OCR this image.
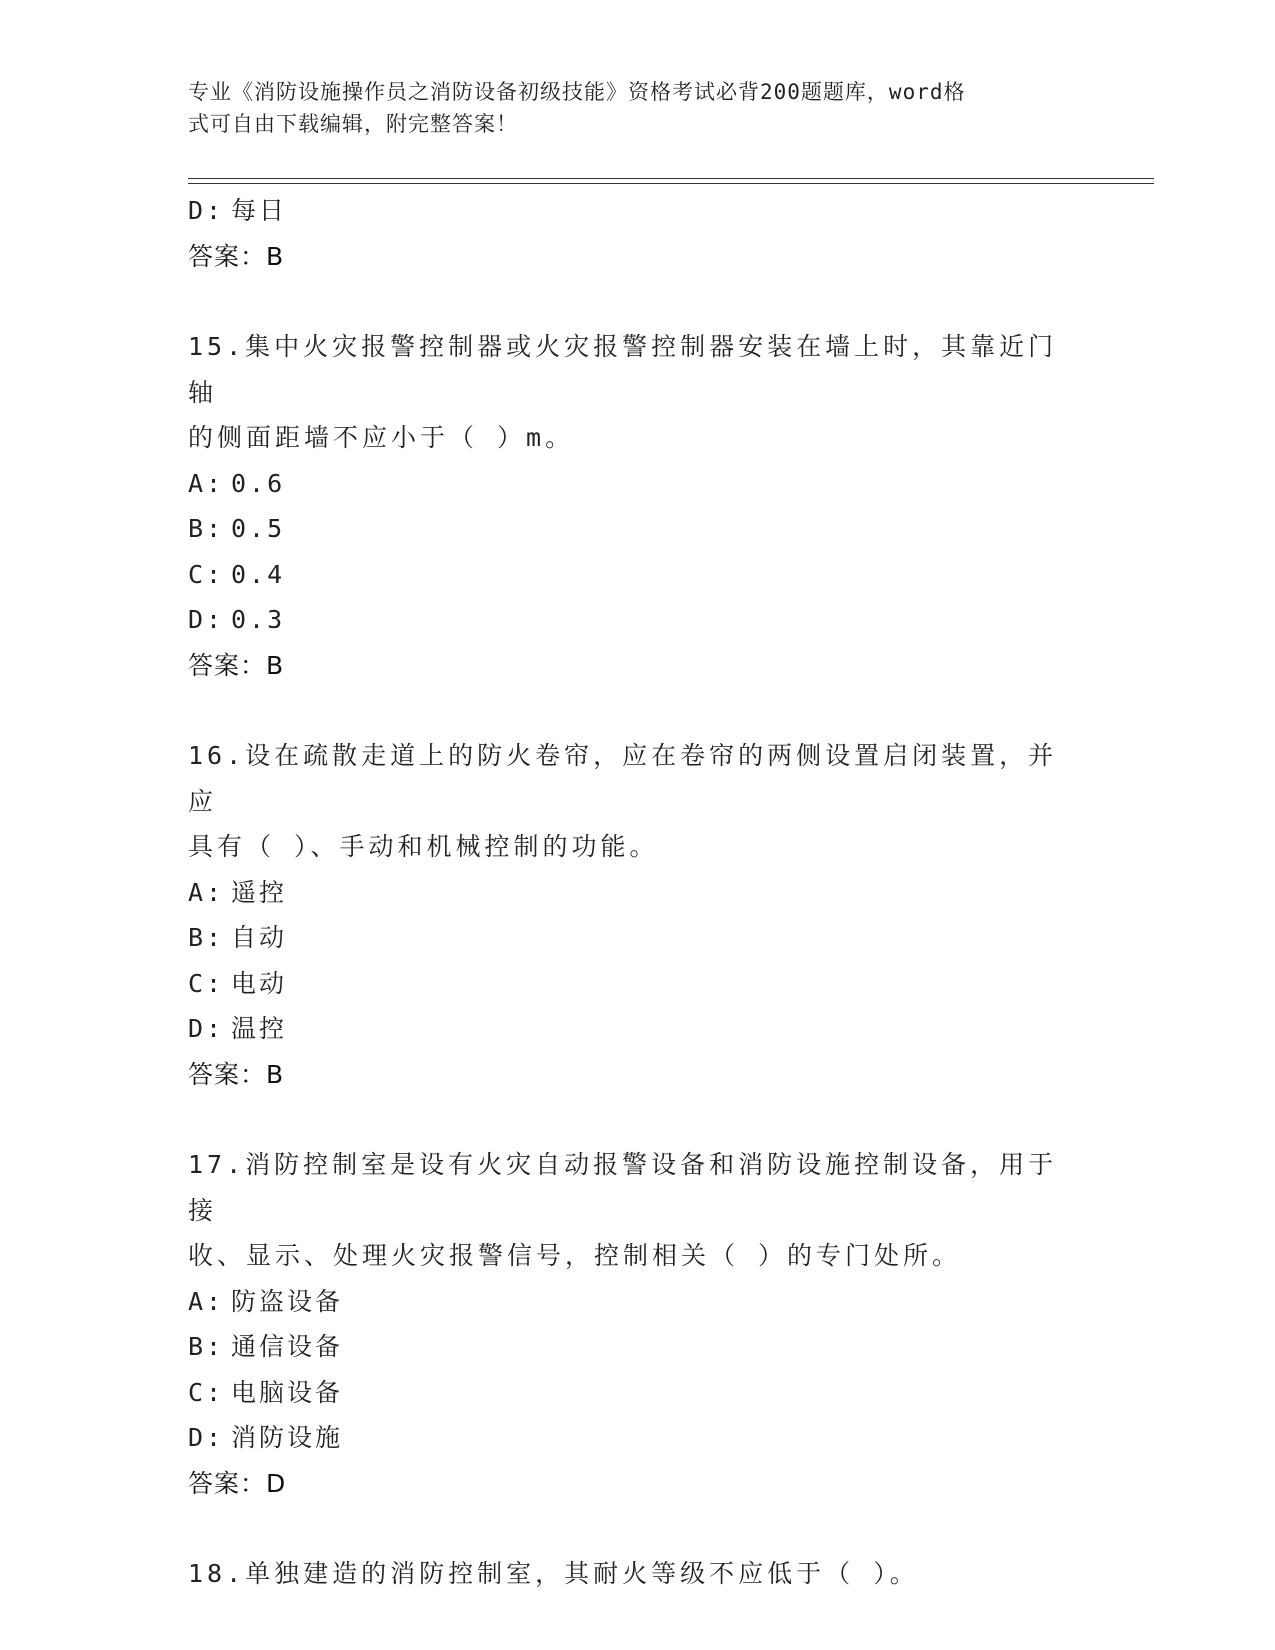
专业《消防设施操作员之消防设备初级技能》资格考试必背200题题库，word格
式可自由下载编辑，附完整答案！
D: 每日
答案：B
15.集中火灾报警控制器或火灾报警控制器安装在墙上时，其靠近门轴
的侧面距墙不应小于（ ）m。
A: 0.6
B: 0.5
C: 0.4
D: 0.3
答案：B
16.设在疏散走道上的防火卷帘，应在卷帘的两侧设置启闭装置，并应
具有（ ）、手动和机械控制的功能。
A: 遥控
B: 自动
C: 电动
D: 温控
答案：B
17.消防控制室是设有火灾自动报警设备和消防设施控制设备，用于接
收、显示、处理火灾报警信号，控制相关（ ）的专门处所。
A: 防盗设备
B: 通信设备
C: 电脑设备
D: 消防设施
答案：D
18.单独建造的消防控制室，其耐火等级不应低于（ ）。
